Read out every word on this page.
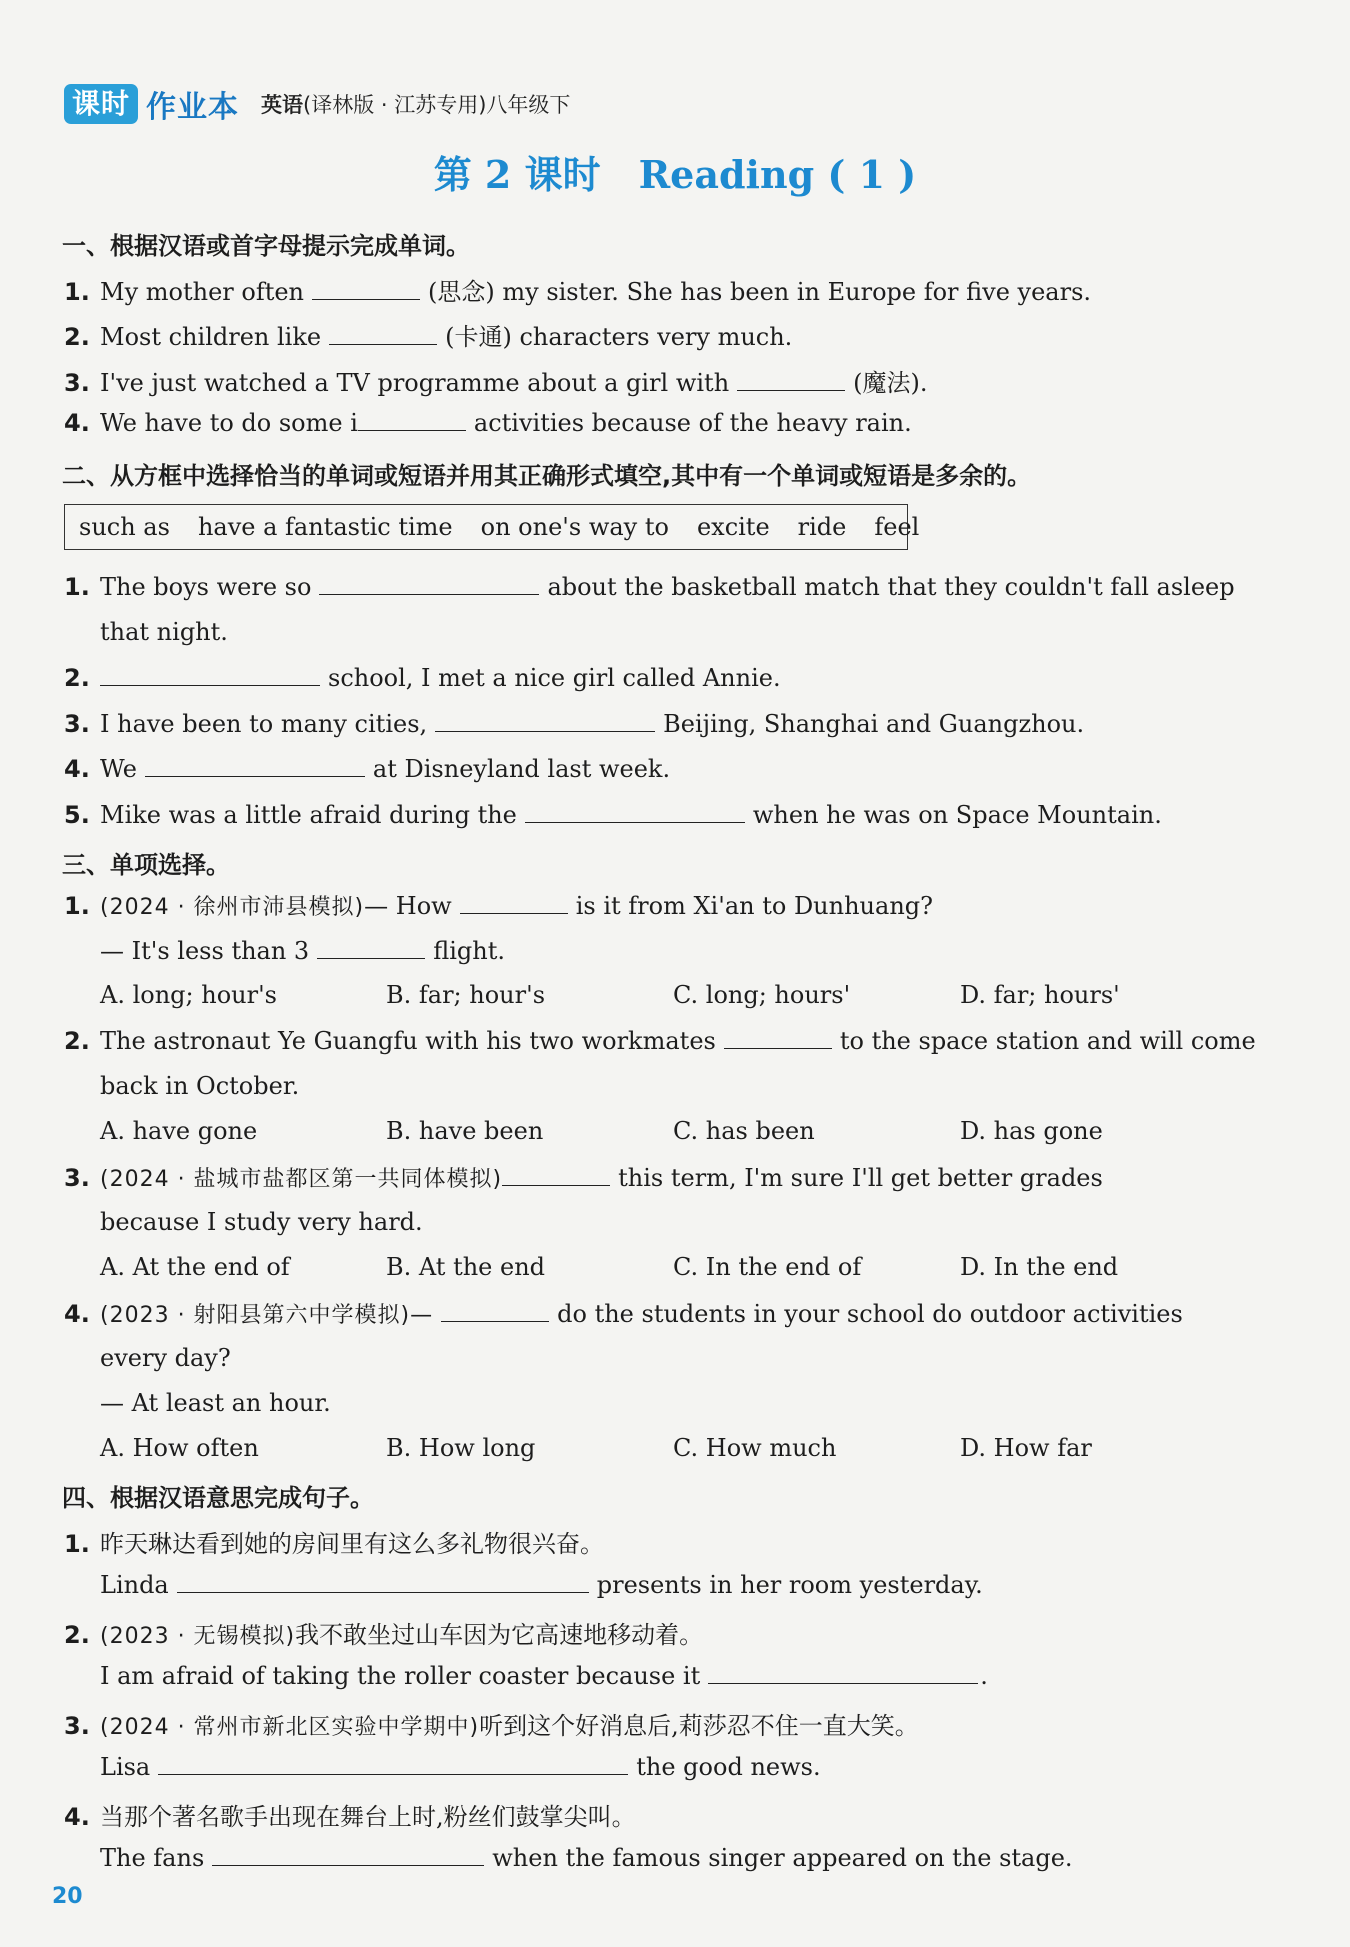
课时 作业本 英语(译林版 · 江苏专用)八年级下
第 2 课时　Reading ( 1 )
一、根据汉语或首字母提示完成单词。
1. My mother often	(思念) my sister. She has been in Europe for five years.
2. Most children like	(卡通) characters very much.
3. I've just watched a TV programme about a girl with	(魔法).
4. We have to do some i	activities because of the heavy rain.
二、从方框中选择恰当的单词或短语并用其正确形式填空,其中有一个单词或短语是多余的。
such as have a fantastic time on one's way to excite ride feel
1. The boys were so	about the basketball match that they couldn't fall asleep
that night.
2.	school, I met a nice girl called Annie.
3. I have been to many cities,	Beijing, Shanghai and Guangzhou.
4. We	at Disneyland last week.
5. Mike was a little afraid during the	when he was on Space Mountain.
三、单项选择。
1. (2024 · 徐州市沛县模拟)— How	is it from Xi'an to Dunhuang?
— It's less than 3	flight.
A. long; hour's	B. far; hour's	C. long; hours'	D. far; hours'
2. The astronaut Ye Guangfu with his two workmates	to the space station and will come
back in October.
A. have gone	B. have been	C. has been	D. has gone
3. (2024 · 盐城市盐都区第一共同体模拟)	this term, I'm sure I'll get better grades
because I study very hard.
A. At the end of	B. At the end	C. In the end of	D. In the end
4. (2023 · 射阳县第六中学模拟)—	do the students in your school do outdoor activities
every day?
— At least an hour.
A. How often	B. How long	C. How much	D. How far
四、根据汉语意思完成句子。
1. 昨天琳达看到她的房间里有这么多礼物很兴奋。
Linda	presents in her room yesterday.
2. (2023 · 无锡模拟)我不敢坐过山车因为它高速地移动着。
I am afraid of taking the roller coaster because it	.
3. (2024 · 常州市新北区实验中学期中)听到这个好消息后,莉莎忍不住一直大笑。
Lisa	the good news.
4. 当那个著名歌手出现在舞台上时,粉丝们鼓掌尖叫。
The fans	when the famous singer appeared on the stage.
20
